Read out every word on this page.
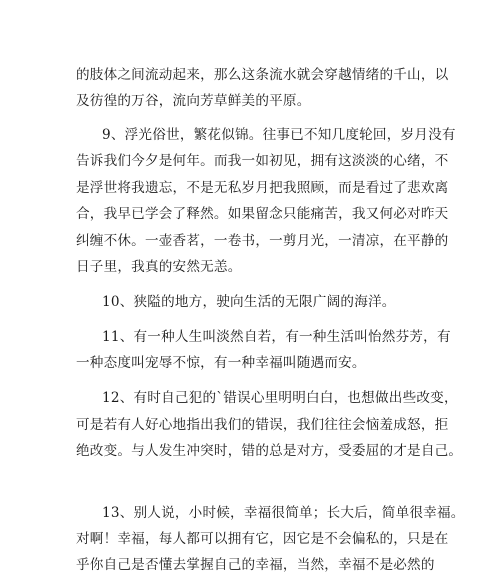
的肢体之间流动起来，那么这条流水就会穿越情绪的千山，以
及彷徨的万谷，流向芳草鲜美的平原。
9、浮光俗世，繁花似锦。往事已不知几度轮回，岁月没有
告诉我们今夕是何年。而我一如初见，拥有这淡淡的心绪，不
是浮世将我遗忘，不是无私岁月把我照顾，而是看过了悲欢离
合，我早已学会了释然。如果留念只能痛苦，我又何必对昨天
纠缠不休。一壶香茗，一卷书，一剪月光，一清凉，在平静的
日子里，我真的安然无恙。
10、狭隘的地方，驶向生活的无限广阔的海洋。
11、有一种人生叫淡然自若，有一种生活叫怡然芬芳，有
一种态度叫宠辱不惊，有一种幸福叫随遇而安。
12、有时自己犯的`错误心里明明白白，也想做出些改变，
可是若有人好心地指出我们的错误，我们往往会恼羞成怒，拒
绝改变。与人发生冲突时，错的总是对方，受委屈的才是自己。
13、别人说，小时候，幸福很简单；长大后，简单很幸福。
对啊！幸福，每人都可以拥有它，因它是不会偏私的，只是在
乎你自己是否懂去掌握自己的幸福，当然，幸福不是必然的
